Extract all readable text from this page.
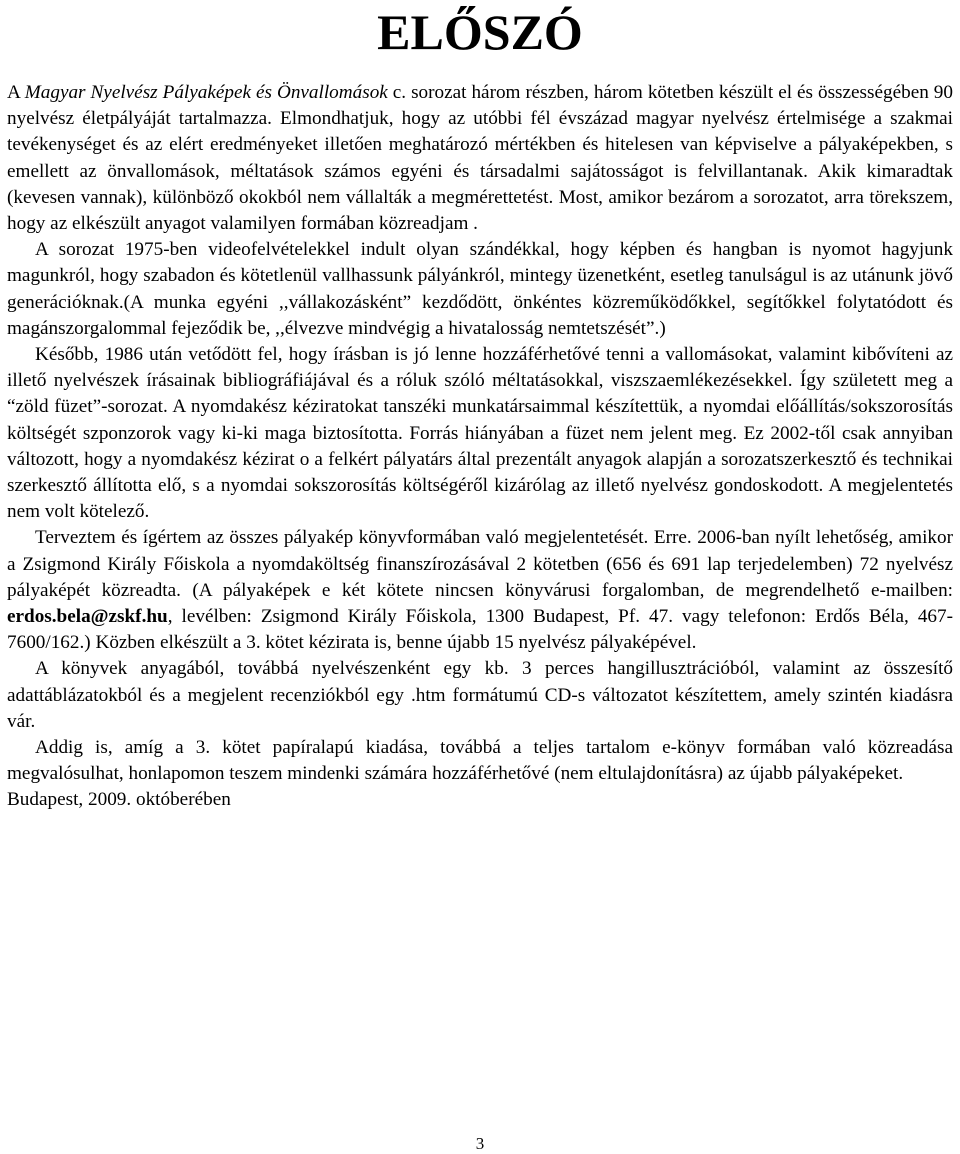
ELŐSZÓ

A Magyar Nyelvész Pályaképek és Önvallomások c. sorozat három részben, három kötetben készült el és összességében 90 nyelvész életpályáját tartalmazza. Elmondhatjuk, hogy az utóbbi fél évszázad magyar nyelvész értelmisége a szakmai tevékenységet és az elért eredményeket illetően meghatározó mértékben és hitelesen van képviselve a pályaképekben, s emellett az önvallomások, méltatások számos egyéni és társadalmi sajátosságot is felvillantanak. Akik kimaradtak (kevesen vannak), különböző okokból nem vállalták a megmérettetést. Most, amikor bezárom a sorozatot, arra törekszem, hogy az elkészült anyagot valamilyen formában közreadjam .

A sorozat 1975-ben videofelvételekkel indult olyan szándékkal, hogy képben és hangban is nyomot hagyjunk magunkról, hogy szabadon és kötetlenül vallhassunk pályánkról, mintegy üzenetként, esetleg tanulságul is az utánunk jövő generációknak.(A munka egyéni ,,vállakozásként” kezdődött, önkéntes közreműködőkkel, segítőkkel folytatódott és magánszorgalommal fejeződik be, ,,élvezve mindvégig a hivatalosság nemtetszését”.)

Később, 1986 után vetődött fel, hogy írásban is jó lenne hozzáférhetővé tenni a vallomásokat, valamint kibővíteni az illető nyelvészek írásainak bibliográfiájával és a róluk szóló méltatásokkal, viszszaemlékezésekkel. Így született meg a “zöld füzet”-sorozat. A nyomdakész kéziratokat tanszéki munkatársaimmal készítettük, a nyomdai előállítás/sokszorosítás költségét szponzorok vagy ki-ki maga biztosította. Forrás hiányában a füzet nem jelent meg. Ez 2002-től csak annyiban változott, hogy a nyomdakész kézirat o a felkért pályatárs által prezentált anyagok alapján a sorozatszerkesztő és technikai szerkesztő állította elő, s a nyomdai sokszorosítás költségéről kizárólag az illető nyelvész gondoskodott. A megjelentetés nem volt kötelező.

Terveztem és ígértem az összes pályakép könyvformában való megjelentetését. Erre. 2006-ban nyílt lehetőség, amikor a Zsigmond Király Főiskola a nyomdaköltség finanszírozásával 2 kötetben (656 és 691 lap terjedelemben) 72 nyelvész pályaképét közreadta. (A pályaképek e két kötete nincsen könyvárusi forgalomban, de megrendelhető e-mailben: erdos.bela@zskf.hu, levélben: Zsigmond Király Főiskola, 1300 Budapest, Pf. 47. vagy telefonon: Erdős Béla, 467-7600/162.) Közben elkészült a 3. kötet kézirata is, benne újabb 15 nyelvész pályaképével.

A könyvek anyagából, továbbá nyelvészenként egy kb. 3 perces hangillusztrációból, valamint az összesítő adattáblázatokból és a megjelent recenziókból egy .htm formátumú CD-s változatot készítettem, amely szintén kiadásra vár.

Addig is, amíg a 3. kötet papíralapú kiadása, továbbá a teljes tartalom e-könyv formában való közreadása megvalósulhat, honlapomon teszem mindenki számára hozzáférhetővé (nem eltulajdonításra) az újabb pályaképeket.

Budapest, 2009. októberében

3
